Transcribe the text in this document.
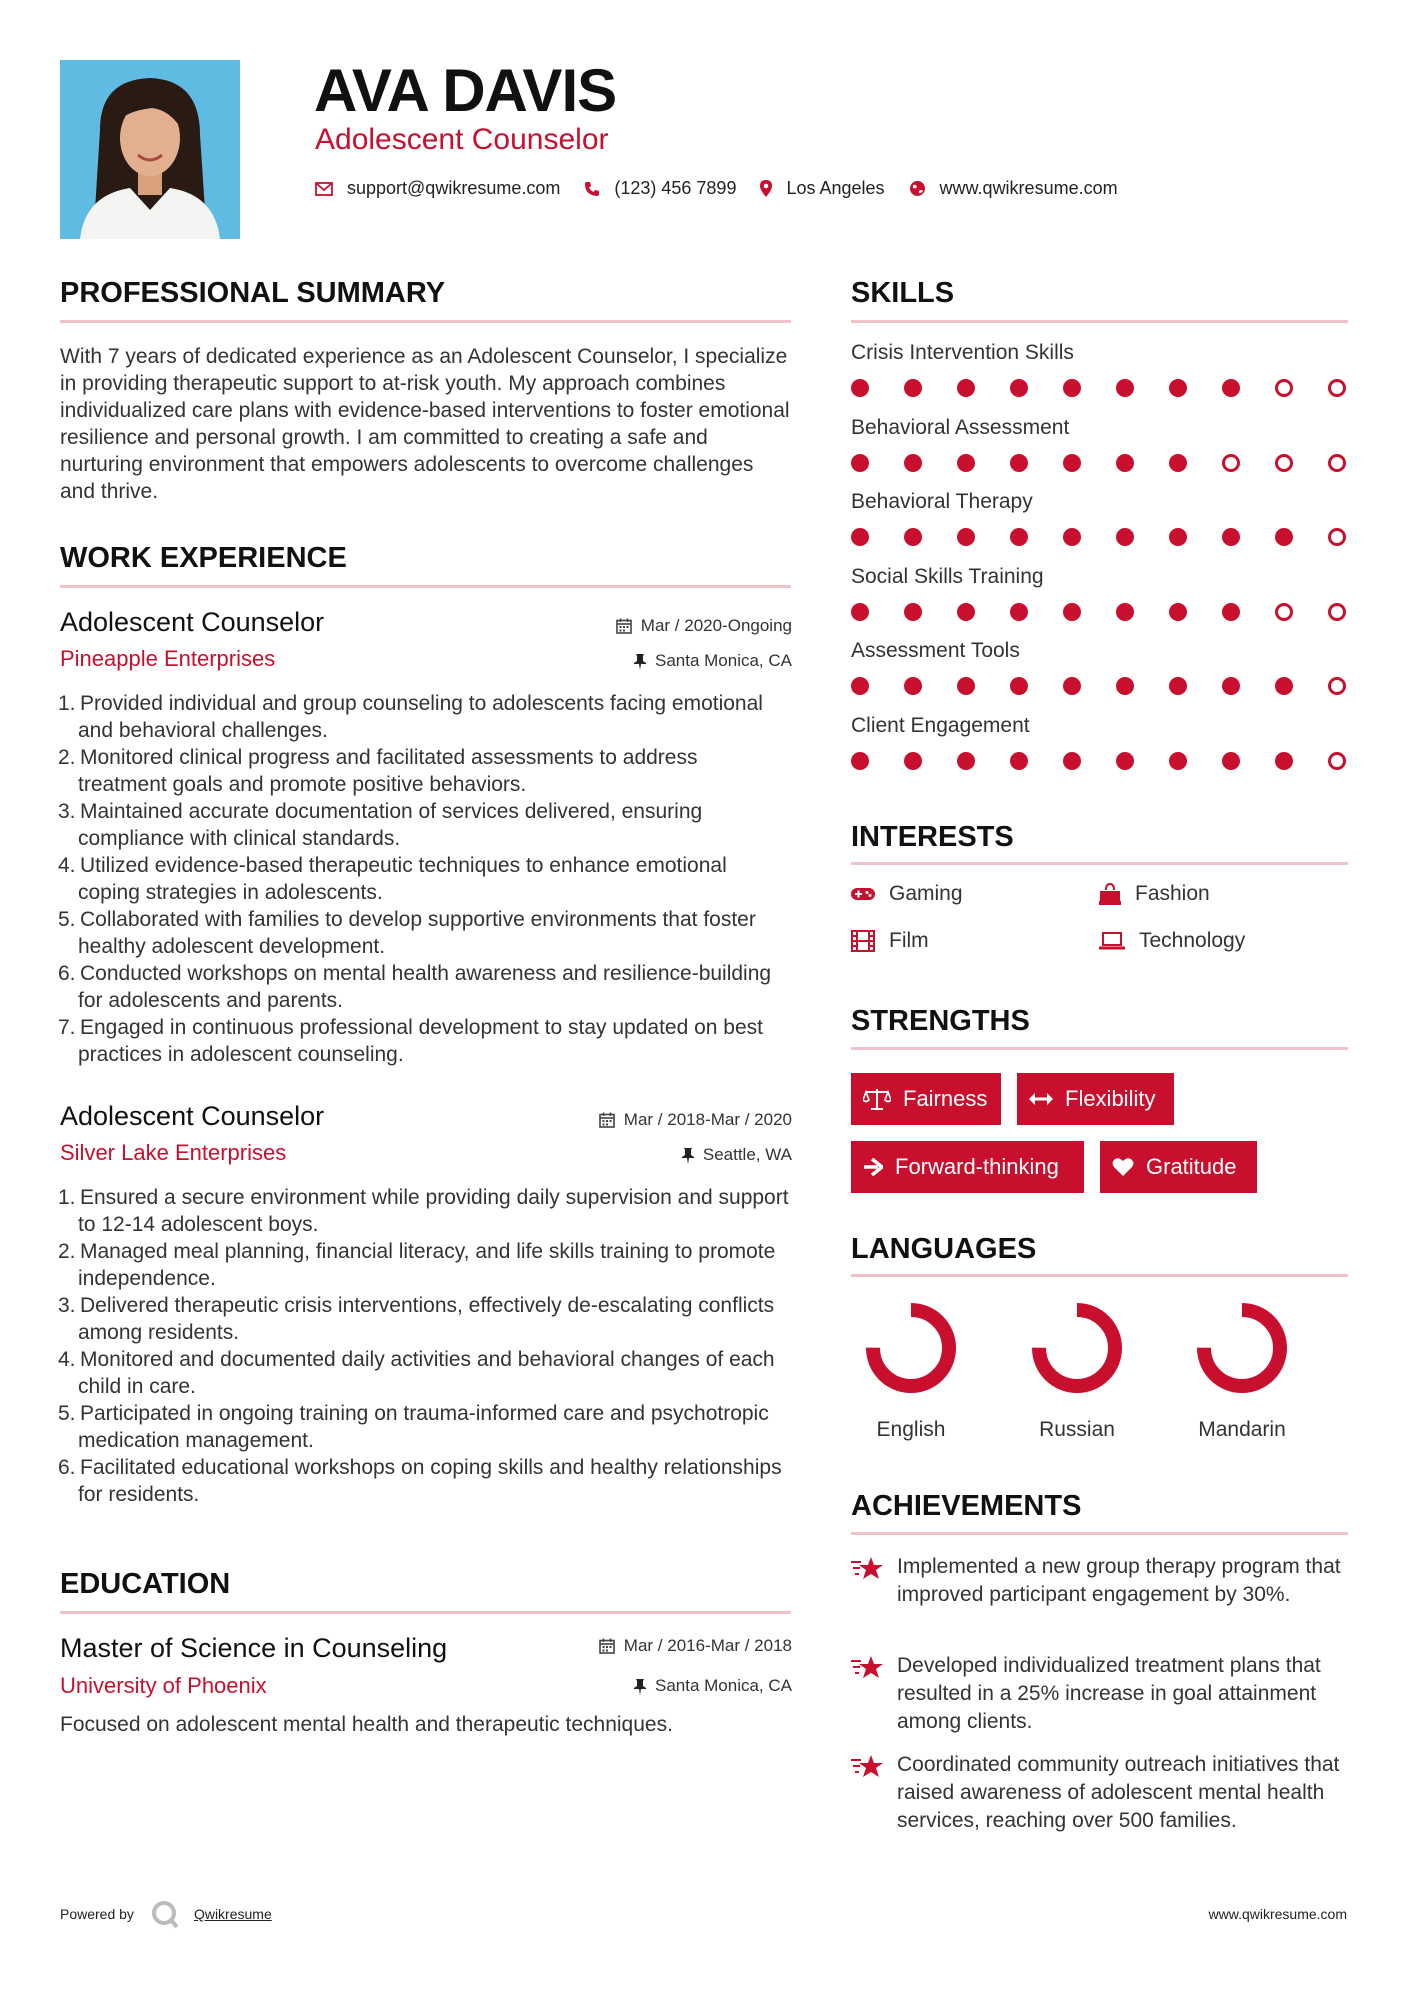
AVA DAVIS
Adolescent Counselor
support@qwikresume.com	(123) 456 7899	Los Angeles	www.qwikresume.com
PROFESSIONAL SUMMARY
With 7 years of dedicated experience as an Adolescent Counselor, I specialize in providing therapeutic support to at-risk youth. My approach combines individualized care plans with evidence-based interventions to foster emotional resilience and personal growth. I am committed to creating a safe and nurturing environment that empowers adolescents to overcome challenges and thrive.
WORK EXPERIENCE
Adolescent Counselor	Mar / 2020-Ongoing
Pineapple Enterprises	Santa Monica, CA
1. Provided individual and group counseling to adolescents facing emotional and behavioral challenges.
2. Monitored clinical progress and facilitated assessments to address treatment goals and promote positive behaviors.
3. Maintained accurate documentation of services delivered, ensuring compliance with clinical standards.
4. Utilized evidence-based therapeutic techniques to enhance emotional coping strategies in adolescents.
5. Collaborated with families to develop supportive environments that foster healthy adolescent development.
6. Conducted workshops on mental health awareness and resilience-building for adolescents and parents.
7. Engaged in continuous professional development to stay updated on best practices in adolescent counseling.
Adolescent Counselor	Mar / 2018-Mar / 2020
Silver Lake Enterprises	Seattle, WA
1. Ensured a secure environment while providing daily supervision and support to 12-14 adolescent boys.
2. Managed meal planning, financial literacy, and life skills training to promote independence.
3. Delivered therapeutic crisis interventions, effectively de-escalating conflicts among residents.
4. Monitored and documented daily activities and behavioral changes of each child in care.
5. Participated in ongoing training on trauma-informed care and psychotropic medication management.
6. Facilitated educational workshops on coping skills and healthy relationships for residents.
EDUCATION
Master of Science in Counseling	Mar / 2016-Mar / 2018
University of Phoenix	Santa Monica, CA
Focused on adolescent mental health and therapeutic techniques.
SKILLS
Crisis Intervention Skills
Behavioral Assessment
Behavioral Therapy
Social Skills Training
Assessment Tools
Client Engagement
INTERESTS
Gaming	Fashion
Film	Technology
STRENGTHS
Fairness	Flexibility
Forward-thinking	Gratitude
LANGUAGES
English	Russian	Mandarin
ACHIEVEMENTS
Implemented a new group therapy program that improved participant engagement by 30%.
Developed individualized treatment plans that resulted in a 25% increase in goal attainment among clients.
Coordinated community outreach initiatives that raised awareness of adolescent mental health services, reaching over 500 families.
Powered by	Qwikresume	www.qwikresume.com
